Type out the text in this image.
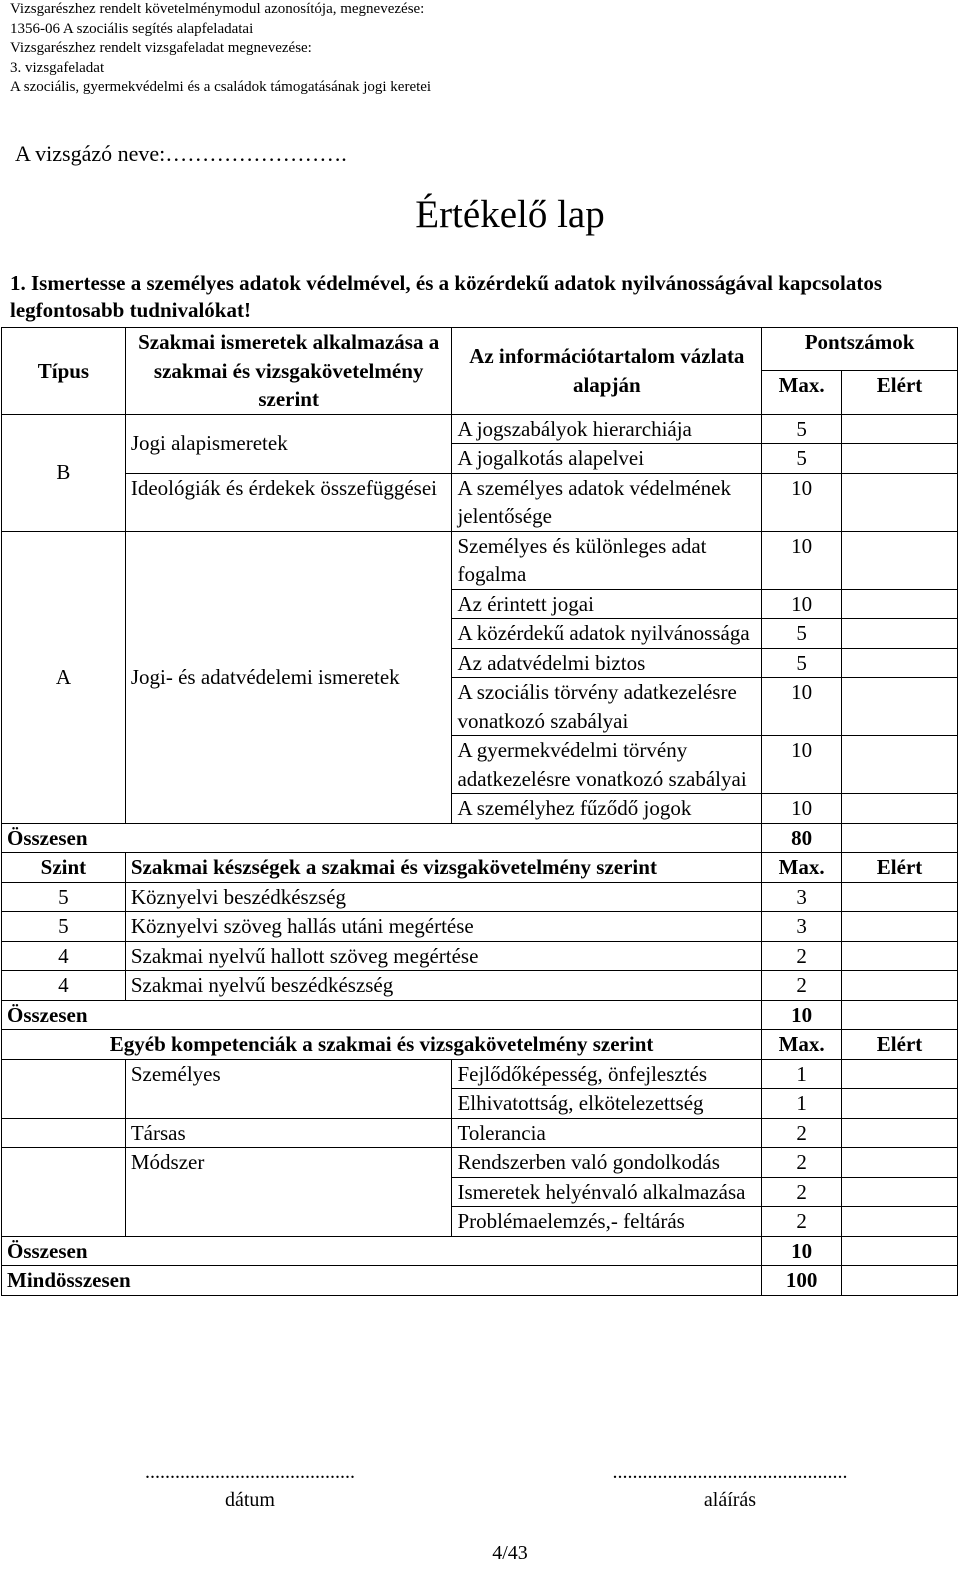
Vizsgarészhez rendelt követelménymodul azonosítója, megnevezése:
1356-06 A szociális segítés alapfeladatai
Vizsgarészhez rendelt vizsgafeladat megnevezése:
3. vizsgafeladat
A szociális, gyermekvédelmi és a családok támogatásának jogi keretei
A vizsgázó neve:…………………….
Értékelő lap
1. Ismertesse a személyes adatok védelmével, és a közérdekű adatok nyilvánosságával kapcsolatos legfontosabb tudnivalókat!
Típus	Szakmai ismeretek alkalmazása a szakmai és vizsgakövetelmény szerint	Az információtartalom vázlata alapján	Pontszámok	
			Max.	Elért
B	Jogi alapismeretek	A jogszabályok hierarchiája	5	
		A jogalkotás alapelvei	5	
	Ideológiák és érdekek összefüggései	A személyes adatok védelmének jelentősége	10	
A	Jogi- és adatvédelemi ismeretek	Személyes és különleges adat fogalma	10	
		Az érintett jogai	10	
		A közérdekű adatok nyilvánossága	5	
		Az adatvédelmi biztos	5	
		A szociális törvény adatkezelésre vonatkozó szabályai	10	
		A gyermekvédelmi törvény adatkezelésre vonatkozó szabályai	10	
		A személyhez fűződő jogok	10	
Összesen			80	
Szint	Szakmai készségek a szakmai és vizsgakövetelmény szerint		Max.	Elért
5	Köznyelvi beszédkészség		3	
5	Köznyelvi szöveg hallás utáni megértése		3	
4	Szakmai nyelvű hallott szöveg megértése		2	
4	Szakmai nyelvű beszédkészség		2	
Összesen			10	
Egyéb kompetenciák a szakmai és vizsgakövetelmény szerint			Max.	Elért
	Személyes	Fejlődőképesség, önfejlesztés	1	
		Elhivatottság, elkötelezettség	1	
	Társas	Tolerancia	2	
	Módszer	Rendszerben való gondolkodás	2	
		Ismeretek helyénvaló alkalmazása	2	
		Problémaelemzés,- feltárás	2	
Összesen			10	
Mindösszesen			100	
..........................................
dátum
...............................................
aláírás
4/43
